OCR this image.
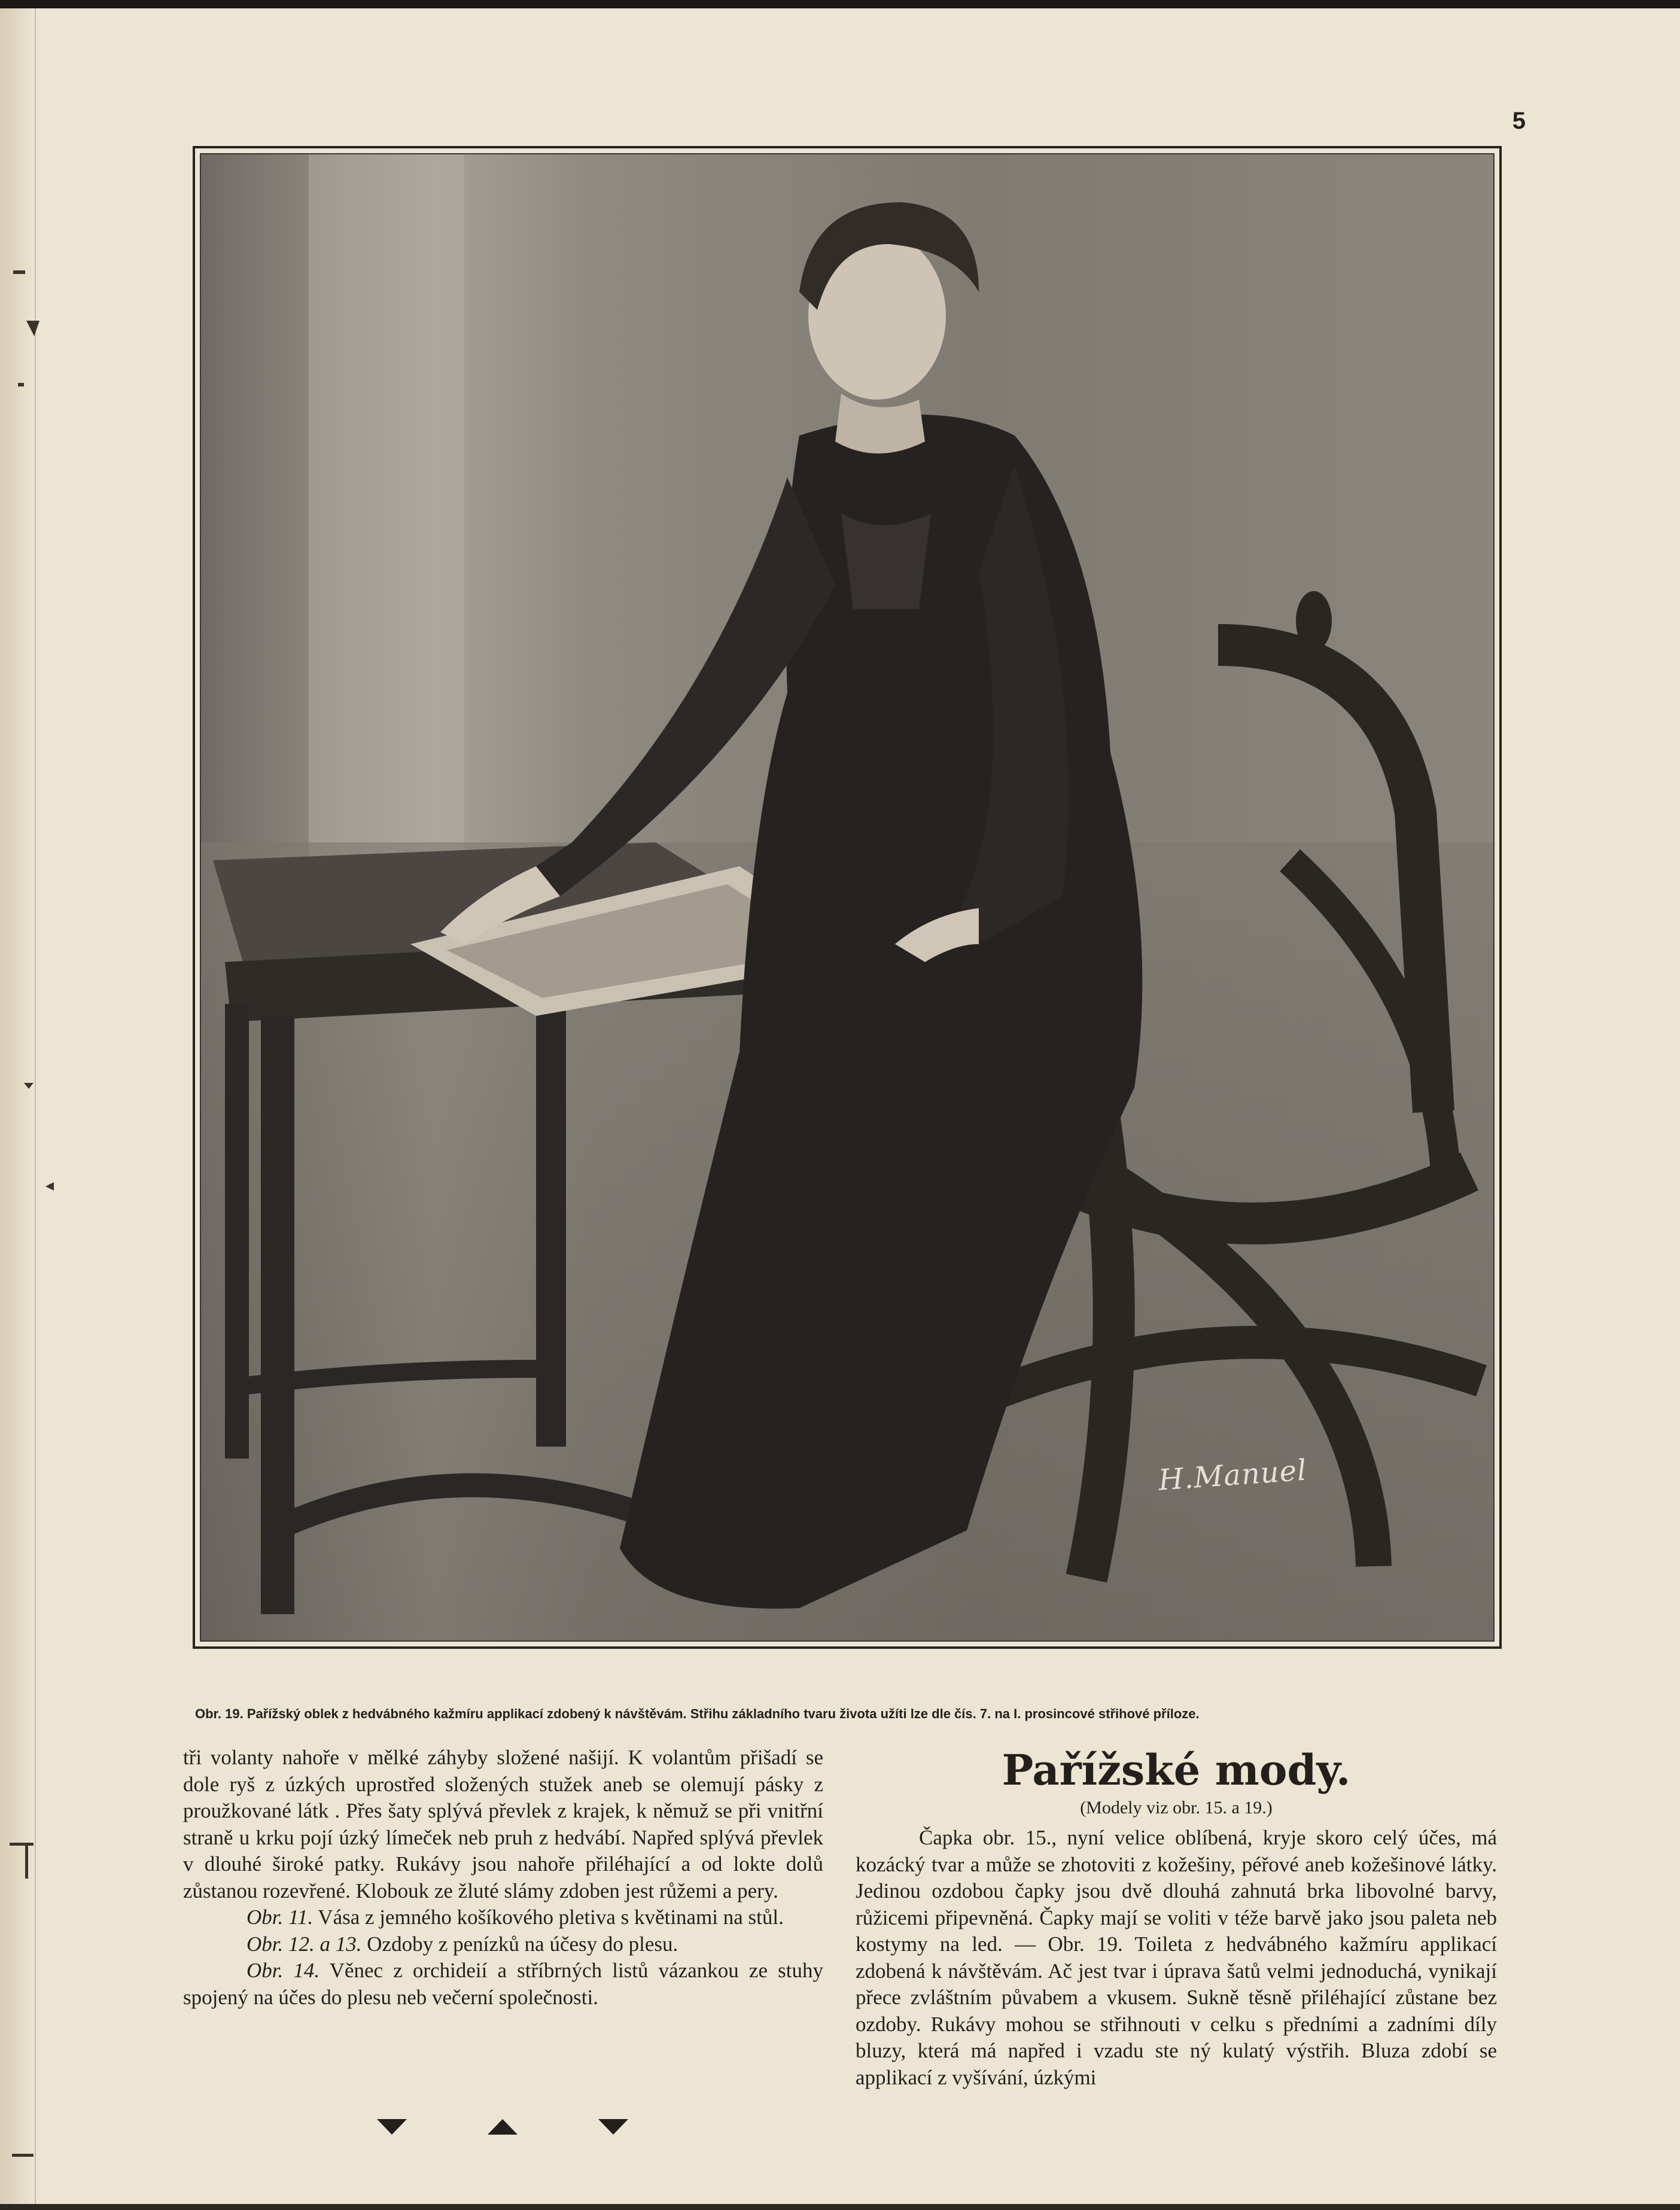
5
H.Manuel
Obr. 19. Pařížský oblek z hedvábného kažmíru applikací zdobený k návštěvám. Střihu základního tvaru života užíti lze dle čís. 7. na I. prosincové střihové příloze.

tři volanty nahoře v mělké záhyby složené našijí. K volantům přišadí se dole ryš z úzkých uprostřed složených stužek aneb se olemují pásky z proužkované látk . Přes šaty splývá převlek z krajek, k němuž se při vnitřní straně u krku pojí úzký límeček neb pruh z hedvábí. Napřed splývá převlek v dlouhé široké patky. Rukávy jsou nahoře přiléhající a od lokte dolů zůstanou rozevřené. Klobouk ze žluté slámy zdoben jest růžemi a pery.

Obr. 11. Vása z jemného košíkového pletiva s květinami na stůl.

Obr. 12. a 13. Ozdoby z penízků na účesy do plesu.

Obr. 14. Věnec z orchideií a stříbrných listů vázankou ze stuhy spojený na účes do plesu neb večerní společnosti.

Pařížské mody.

(Modely viz obr. 15. a 19.)

Čapka obr. 15., nyní velice oblíbená, kryje skoro celý účes, má kozácký tvar a může se zhotoviti z kožešiny, péřové aneb kožešinové látky. Jedinou ozdobou čapky jsou dvě dlouhá zahnutá brka libovolné barvy, růžicemi připevněná. Čapky mají se voliti v téže barvě jako jsou paleta neb kostymy na led. — Obr. 19. Toileta z hedvábného kažmíru applikací zdobená k návštěvám. Ač jest tvar i úprava šatů velmi jednoduchá, vynikají přece zvláštním půvabem a vkusem. Sukně těsně přiléhající zůstane bez ozdoby. Rukávy mohou se střihnouti v celku s předními a zadními díly bluzy, která má napřed i vzadu ste ný kulatý výstřih. Bluza zdobí se applikací z vyšívání, úzkými
